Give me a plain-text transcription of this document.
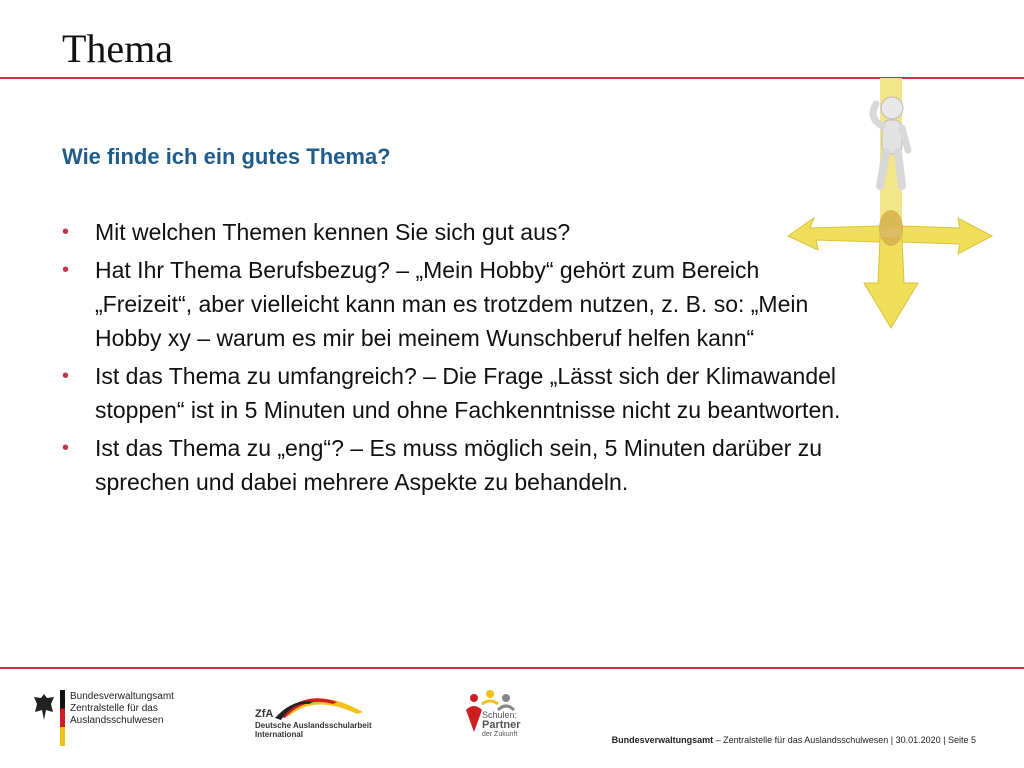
Thema
Wie finde ich ein gutes Thema?
• Mit welchen Themen kennen Sie sich gut aus?
• Hat Ihr Thema Berufsbezug? – „Mein Hobby“ gehört zum Bereich „Freizeit“, aber vielleicht kann man es trotzdem nutzen, z. B. so: „Mein Hobby xy – warum es mir bei meinem Wunschberuf helfen kann“
• Ist das Thema zu umfangreich? – Die Frage „Lässt sich der Klimawandel stoppen“ ist in 5 Minuten und ohne Fachkenntnisse nicht zu beantworten.
• Ist das Thema zu „eng“? – Es muss möglich sein, 5 Minuten darüber zu sprechen und dabei mehrere Aspekte zu behandeln.
Bundesverwaltungsamt
Zentralstelle für das
Auslandsschulwesen
ZfA
Deutsche Auslandsschularbeit
International
Schulen:
Partner
der Zukunft
Bundesverwaltungsamt – Zentralstelle für das Auslandsschulwesen | 30.01.2020 | Seite 5
